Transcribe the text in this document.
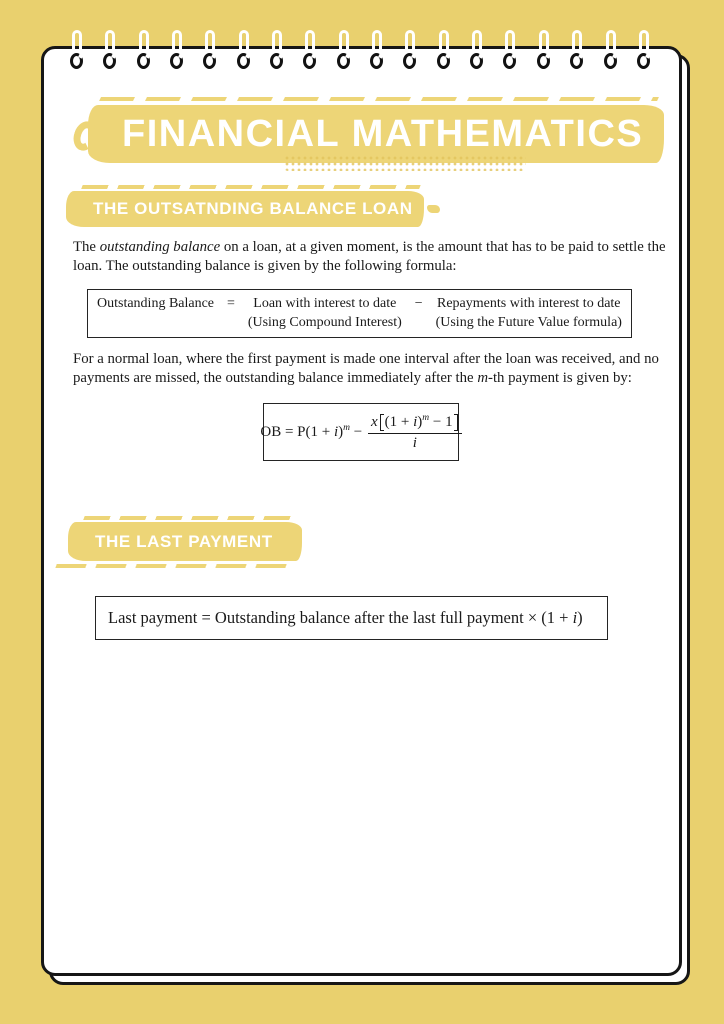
FINANCIAL MATHEMATICS
THE OUTSATNDING BALANCE LOAN

The outstanding balance on a loan, at a given moment, is the amount that has to be paid to settle the
loan. The outstanding balance is given by the following formula:

Outstanding Balance = Loan with interest to date
(Using Compound Interest)
− Repayments with interest to date
(Using the Future Value formula)

For a normal loan, where the first payment is made one interval after the loan was received, and no
payments are missed, the outstanding balance immediately after the m-th payment is given by:

OB = $P(1 + i)^m - \frac{x (1 + i)^m - 1}{i}$
THE LAST PAYMENT
Last payment = Outstanding balance after the last full payment × (1 + i)
